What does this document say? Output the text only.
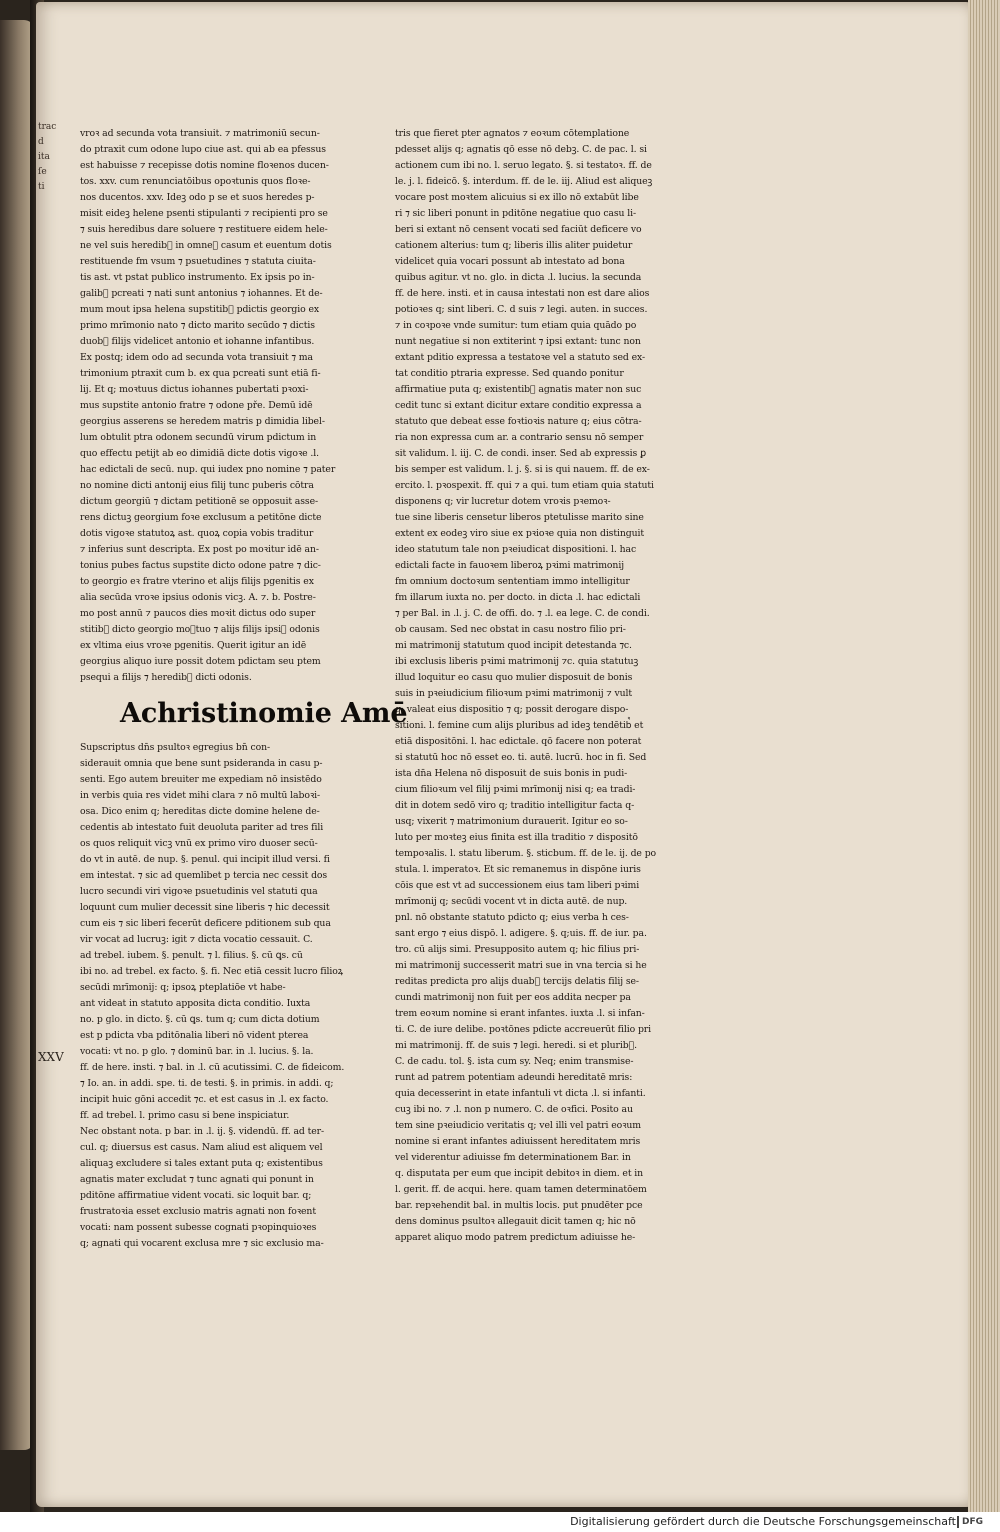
trac
d
ita
ſe
ti
XXV
vroꝛ ad secunda vota transiuit. ⁊ matrimoniū secun-
do ptraxit cum odone lupo ciue ast. qui ab ea pfessus
est habuisse ⁊ recepisse dotis nomine floꝛenos ducen-
tos. xxv. cum renunciatōibus opoꝛtunis quos floꝛe-
nos ducentos. xxv. Ideꝫ odo p se et suos heredes p-
misit eideꝫ helene psenti stipulanti ⁊ recipienti pro se
⁊ suis heredibus dare soluere ⁊ restituere eidem hele-
ne vel suis heredib᷒ in omneꝫ casum et euentum dotis
restituende fm vsum ⁊ psuetudines ⁊ statuta ciuita-
tis ast. vt pstat publico instrumento. Ex ipsis po in-
galib᷒ pcreati ⁊ nati sunt antonius ⁊ iohannes. Et de-
mum mout ipsa helena supstitib᷒ pdictis georgio ex
primo mrīmonio nato ⁊ dicto marito secūdo ⁊ dictis
duob᷒ filijs videlicet antonio et iohanne infantibus.
Ex postq; idem odo ad secunda vota transiuit ⁊ ma
trimonium ptraxit cum b. ex qua pcreati sunt etiā fi-
lij. Et q; moꝛtuus dictus iohannes pubertati pꝛoxi-
mus supstite antonio fratre ⁊ odone pře. Demū idē
georgius asserens se heredem matris p dimidia libel-
lum obtulit ptra odonem secundū virum pdictum in
quo effectu petijt ab eo dimidiā dicte dotis vigoꝛe .l.
hac edictali de secū. nup. qui iudex pno nomine ⁊ pater
no nomine dicti antonij eius filij tunc puberis cōtra
dictum georgiū ⁊ dictam petitionē se opposuit asse-
rens dictuꝫ georgium foꝛe exclusum a petitōne dicte
dotis vigoꝛe statutoꝝ ast. quoꝝ copia vobis traditur
⁊ inferius sunt descripta. Ex post po moꝛitur idē an-
tonius pubes factus supstite dicto odone patre ⁊ dic-
to georgio eꝛ fratre vterino et alijs filijs pgenitis ex
alia secūda vroꝛe ipsius odonis vicꝫ. A. ⁊. b. Postre-
mo post annū ⁊ paucos dies moꝛit dictus odo super
stitib᷒ dicto georgio moꝛtuo ⁊ alijs filijs ipsi᷒ odonis
ex vltima eius vroꝛe pgenitis. Querit igitur an idē
georgius aliquo iure possit dotem pdictam seu ptem
psequi a filijs ⁊ heredib᷒ dicti odonis.
Achristinomie Amē
Supscriptus dn̄s psultoꝛ egregius bn̄ con-
siderauit omnia que bene sunt psideranda in casu p-
senti. Ego autem breuiter me expediam nō insistēdo
in verbis quia res videt mihi clara ⁊ nō multū laboꝛi-
osa. Dico enim q; hereditas dicte domine helene de-
cedentis ab intestato fuit deuoluta pariter ad tres fili
os quos reliquit vicꝫ vnū ex primo viro duoser secū-
do vt in autē. de nup. §. penul. qui incipit illud versi. fi
em intestat. ⁊ sic ad quemlibet p tercia nec cessit dos
lucro secundi viri vigoꝛe psuetudinis vel statuti qua
loquunt cum mulier decessit sine liberis ⁊ hic decessit
cum eis ⁊ sic liberi fecerūt deficere pditionem sub qua
vir vocat ad lucruꝫ: igit ⁊ dicta vocatio cessauit. C.
ad trebel. iubem. §. penult. ⁊ l. filius. §. cū ꝗs. cū
ibi no. ad trebel. ex facto. §. fi. Nec etiā cessit lucro filioꝝ
secūdi mrīmonij: q; ipsoꝝ pteplatiōe vt habe-
ant videat in statuto apposita dicta conditio. Iuxta
no. p glo. in dicto. §. cū ꝗs. tum q; cum dicta dotium
est p pdicta vba pditōnalia liberi nō vident pterea
vocati: vt no. p glo. ⁊ dominū bar. in .l. lucius. §. la.
ff. de here. insti. ⁊ bal. in .l. cū acutissimi. C. de fideicom.
⁊ Io. an. in addi. spe. ti. de testi. §. in primis. in addi. q;
incipit huic gōni accedit ⁊c. et est casus in .l. ex facto.
ff. ad trebel. l. primo casu si bene inspiciatur.
Nec obstant nota. p bar. in .l. ij. §. videndū. ff. ad ter-
cul. q; diuersus est casus. Nam aliud est aliquem vel
aliquaꝫ excludere si tales extant puta q; existentibus
agnatis mater excludat ⁊ tunc agnati qui ponunt in
pditōne affirmatiue vident vocati. sic loquit bar. q;
frustratoꝛia esset exclusio matris agnati non foꝛent
vocati: nam possent subesse cognati pꝛopinquioꝛes
q; agnati qui vocarent exclusa mre ⁊ sic exclusio ma-
tris que fieret pter agnatos ⁊ eoꝛum cōtemplatione
pdesset alijs q; agnatis qō esse nō debꝫ. C. de pac. l. si
actionem cum ibi no. l. seruo legato. §. si testatoꝛ. ff. de
le. j. l. fideicō. §. interdum. ff. de le. iij. Aliud est aliqueꝫ
vocare post moꝛtem alicuius si ex illo nō extabūt libe
ri ⁊ sic liberi ponunt in pditōne negatiue quo casu li-
beri si extant nō censent vocati sed faciūt deficere vo
cationem alterius: tum q; liberis illis aliter puidetur
videlicet quia vocari possunt ab intestato ad bona
quibus agitur. vt no. glo. in dicta .l. lucius. la secunda
ff. de here. insti. et in causa intestati non est dare alios
potioꝛes q; sint liberi. C. d suis ⁊ legi. auten. in succes.
⁊ in coꝛpoꝛe vnde sumitur: tum etiam quia quādo po
nunt negatiue si non extiterint ⁊ ipsi extant: tunc non
extant pditio expressa a testatoꝛe vel a statuto sed ex-
tat conditio ptraria expresse. Sed quando ponitur
affirmatiue puta q; existentib᷒ agnatis mater non suc
cedit tunc si extant dicitur extare conditio expressa a
statuto que debeat esse foꝛtioꝛis nature q; eius cōtra-
ria non expressa cum ar. a contrario sensu nō semper
sit validum. l. iij. C. de condi. inser. Sed ab expressis ꝑ
bis semper est validum. l. j. §. si is qui nauem. ff. de ex-
ercito. l. pꝛospexit. ff. qui ⁊ a qui. tum etiam quia statuti
disponens q; vir lucretur dotem vroꝛis pꝛemoꝛ-
tue sine liberis censetur liberos ptetulisse marito sine
extent ex eodeꝫ viro siue ex pꝛioꝛe quia non distinguit
ideo statutum tale non pꝛeiudicat dispositioni. l. hac
edictali facte in fauoꝛem liberoꝝ pꝛimi matrimonij
fm omnium doctoꝛum sententiam immo intelligitur
fm illarum iuxta no. per docto. in dicta .l. hac edictali
⁊ per Bal. in .l. j. C. de offi. do. ⁊ .l. ea lege. C. de condi.
ob causam. Sed nec obstat in casu nostro filio pri-
mi matrimonij statutum quod incipit detestanda ⁊c.
ibi exclusis liberis pꝛimi matrimonij ⁊c. quia statutuꝫ
illud loquitur eo casu quo mulier disposuit de bonis
suis in pꝛeiudicium filioꝛum pꝛimi matrimonij ⁊ vult
q; valeat eius dispositio ⁊ q; possit derogare dispo-
sitioni. l. femine cum alijs pluribus ad ideꝫ tendētib᷒ et
etiā dispositōni. l. hac edictale. qō facere non poterat
si statutū hoc nō esset eo. ti. autē. lucrū. hoc in fi. Sed
ista dn̄a Helena nō disposuit de suis bonis in pudi-
cium filioꝛum vel filij pꝛimi mrīmonij nisi q; ea tradi-
dit in dotem sedō viro q; traditio intelligitur facta q-
usq; vixerit ⁊ matrimonium durauerit. Igitur eo so-
luto per moꝛteꝫ eius finita est illa traditio ⁊ dispositō
tempoꝛalis. l. statu liberum. §. sticbum. ff. de le. ij. de po
stula. l. imperatoꝛ. Et sic remanemus in dispōne iuris
cōis que est vt ad successionem eius tam liberi pꝛimi
mrīmonij q; secūdi vocent vt in dicta autē. de nup.
pnl. nō obstante statuto pdicto q; eius verba h ces-
sant ergo ⁊ eius dispō. l. adigere. §. q;uis. ff. de iur. pa.
tro. cū alijs simi. Presupposito autem q; hic filius pri-
mi matrimonij successerit matri sue in vna tercia si he
reditas predicta pro alijs duab᷒ tercijs delatis filij se-
cundi matrimonij non fuit per eos addita necper pa
trem eoꝛum nomine si erant infantes. iuxta .l. si infan-
ti. C. de iure delibe. poꝛtōnes pdicte accreuerūt filio pri
mi matrimonij. ff. de suis ⁊ legi. heredi. si et plurib᷒.
C. de cadu. tol. §. ista cum sy. Neq; enim transmise-
runt ad patrem potentiam adeundi hereditatē mris:
quia decesserint in etate infantuli vt dicta .l. si infanti.
cuꝫ ibi no. ⁊ .l. non p numero. C. de oꝛfici. Posito au
tem sine pꝛeiudicio veritatis q; vel illi vel patri eoꝛum
nomine si erant infantes adiuissent hereditatem mris
vel viderentur adiuisse fm determinationem Bar. in
q. disputata per eum que incipit debitoꝛ in diem. et in
l. gerit. ff. de acqui. here. quam tamen determinatōem
bar. repꝛehendit bal. in multis locis. put pnudēter pce
dens dominus psultoꝛ allegauit dicit tamen q; hic nō
apparet aliquo modo patrem predictum adiuisse he-
Digitalisierung gefördert durch die Deutsche Forschungsgemeinschaft DFG
